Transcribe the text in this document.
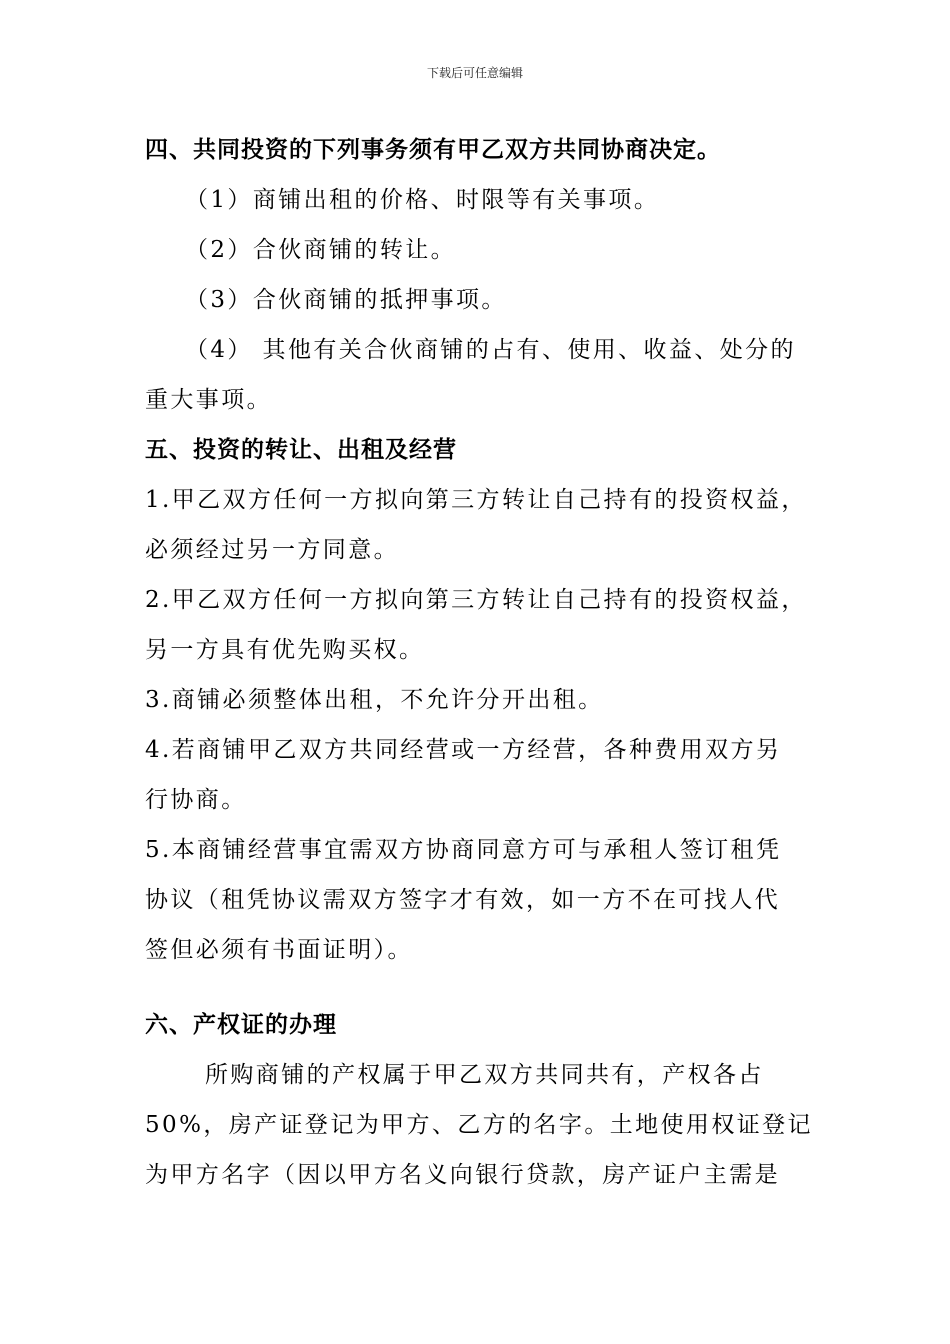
下载后可任意编辑
四、共同投资的下列事务须有甲乙双方共同协商决定。
（1）商铺出租的价格、时限等有关事项。
（2）合伙商铺的转让。
（3）合伙商铺的抵押事项。
（4） 其他有关合伙商铺的占有、使用、收益、处分的
重大事项。
五、投资的转让、出租及经营
1.甲乙双方任何一方拟向第三方转让自己持有的投资权益，
必须经过另一方同意。
2.甲乙双方任何一方拟向第三方转让自己持有的投资权益，
另一方具有优先购买权。
3.商铺必须整体出租，不允许分开出租。
4.若商铺甲乙双方共同经营或一方经营，各种费用双方另
行协商。
5.本商铺经营事宜需双方协商同意方可与承租人签订租凭
协议（租凭协议需双方签字才有效，如一方不在可找人代
签但必须有书面证明）。
六、产权证的办理
所购商铺的产权属于甲乙双方共同共有，产权各占
50%，房产证登记为甲方、乙方的名字。土地使用权证登记
为甲方名字（因以甲方名义向银行贷款，房产证户主需是
